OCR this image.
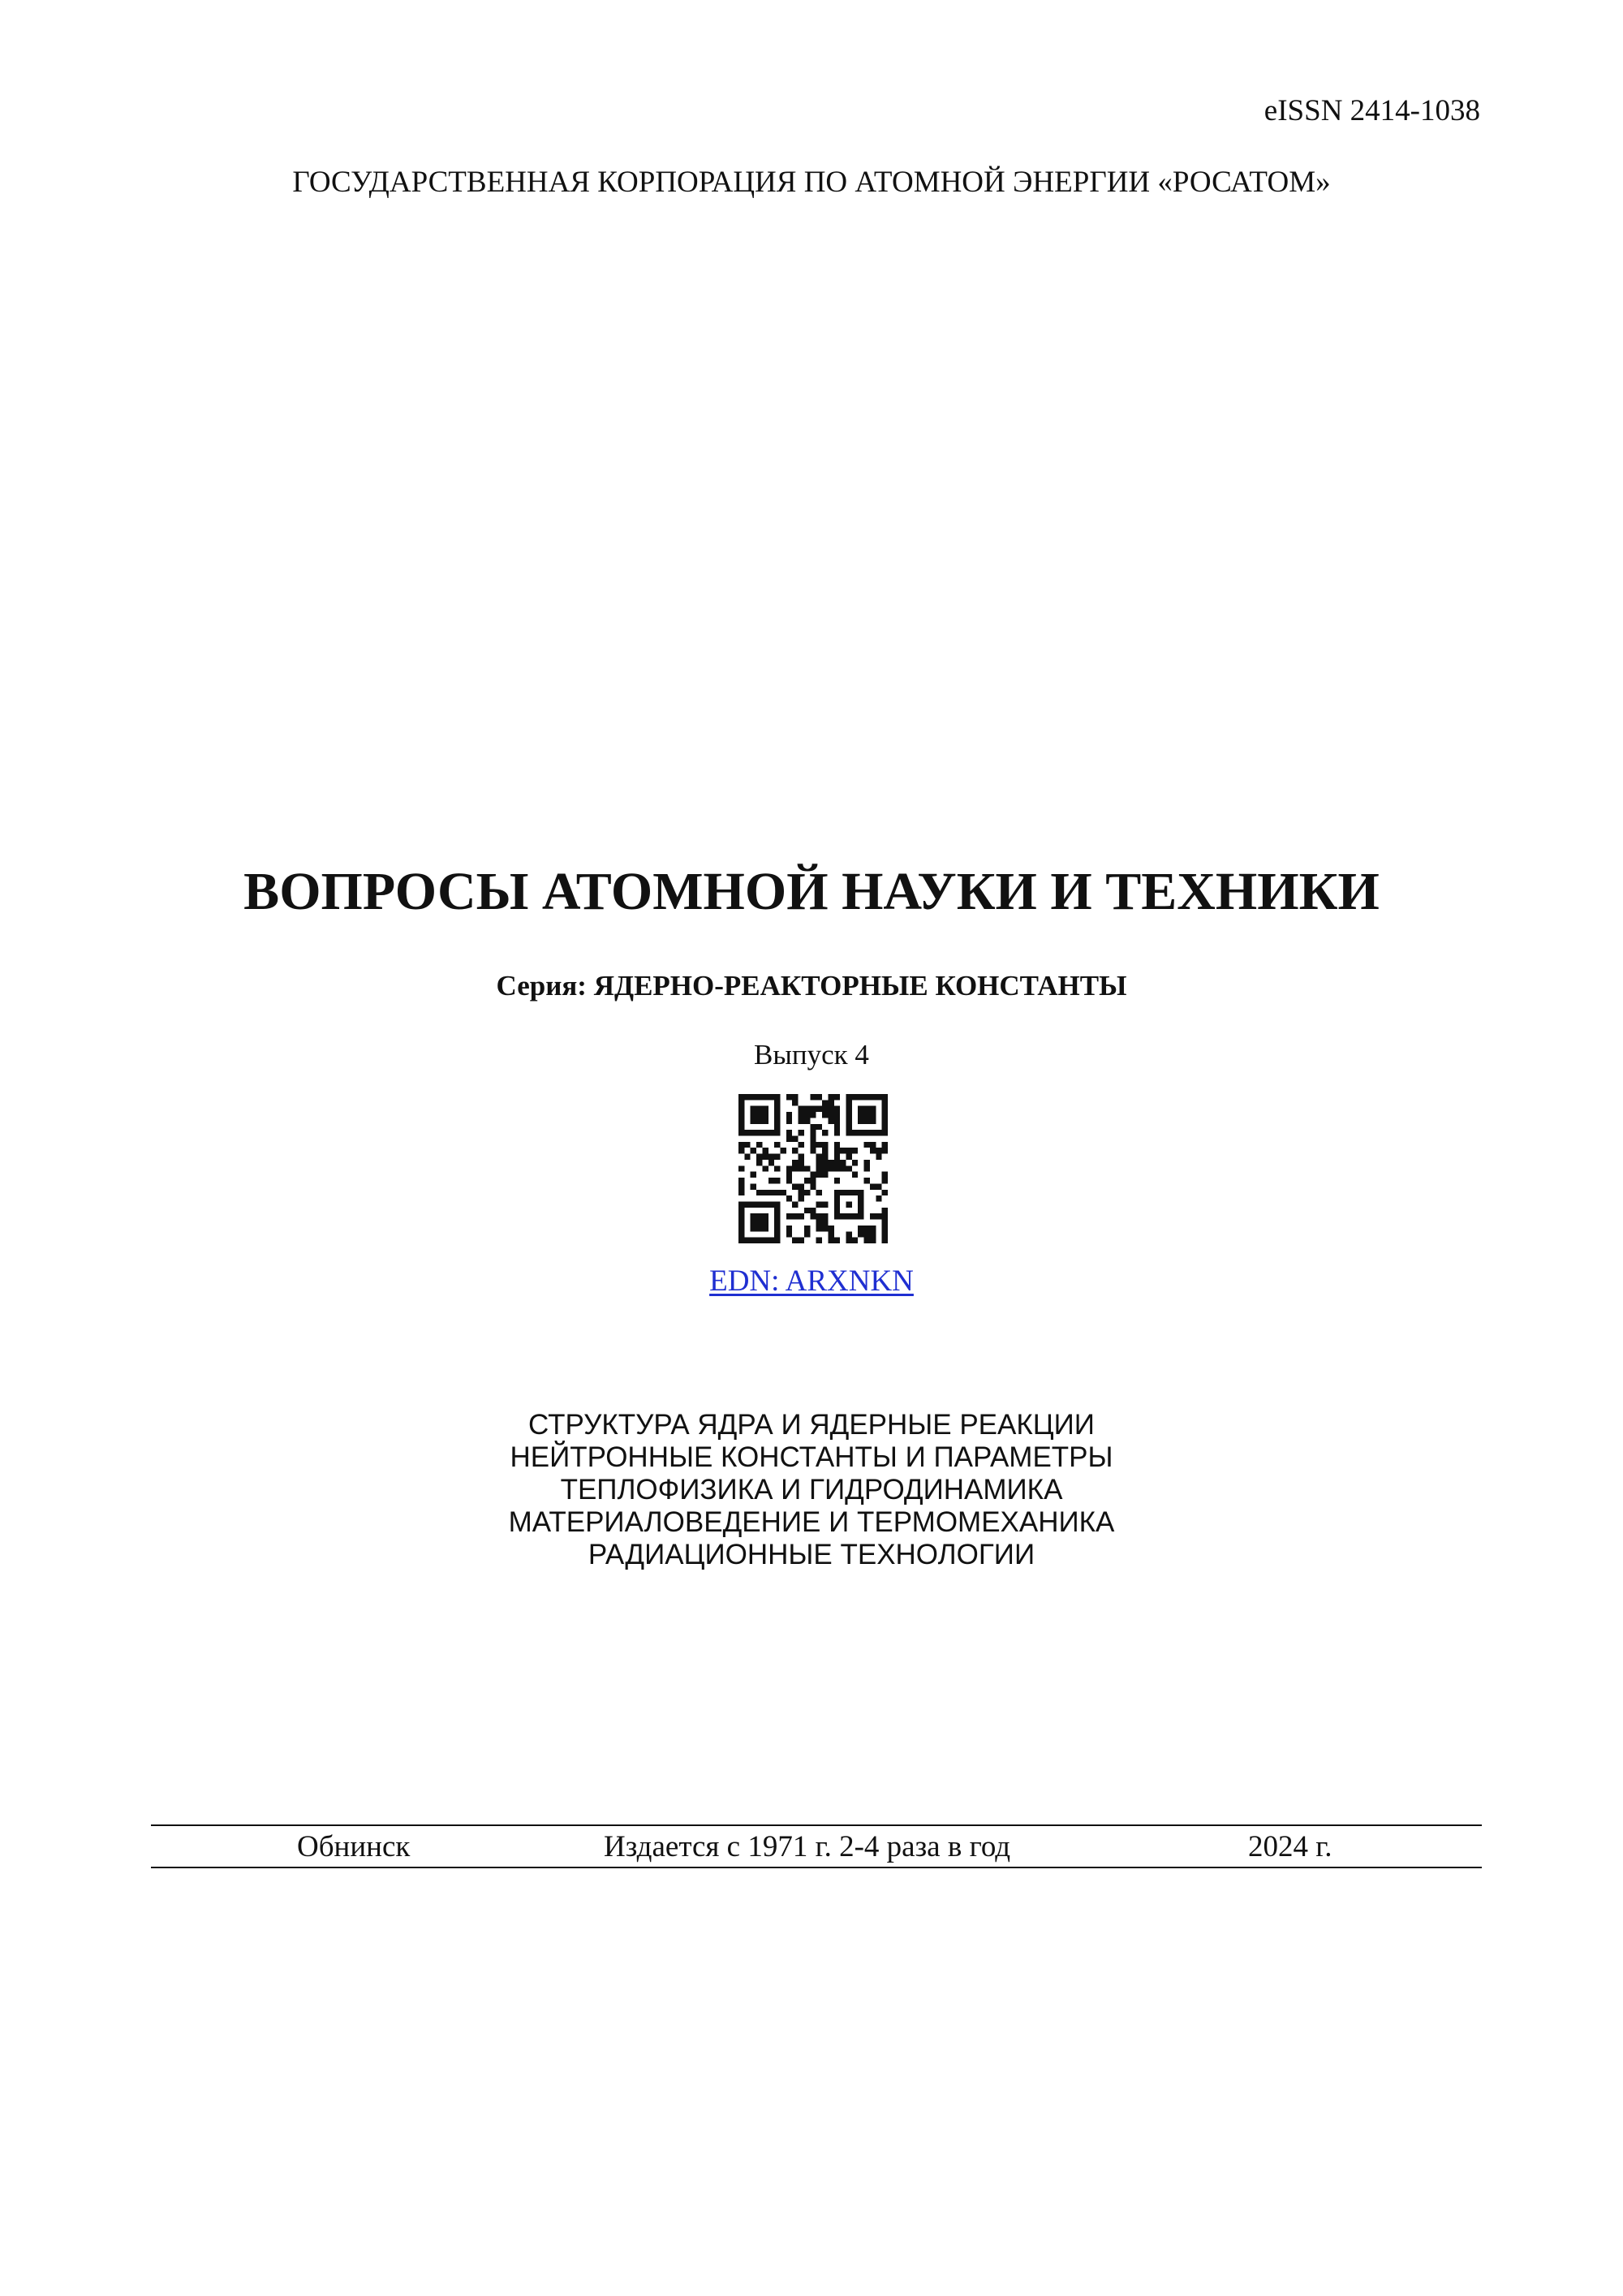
eISSN 2414-1038
ГОСУДАРСТВЕННАЯ КОРПОРАЦИЯ ПО АТОМНОЙ ЭНЕРГИИ «РОСАТОМ»
ВОПРОСЫ АТОМНОЙ НАУКИ И ТЕХНИКИ
Серия: ЯДЕРНО-РЕАКТОРНЫЕ КОНСТАНТЫ
Выпуск 4
EDN: ARXNKN
СТРУКТУРА ЯДРА И ЯДЕРНЫЕ РЕАКЦИИ
НЕЙТРОННЫЕ КОНСТАНТЫ И ПАРАМЕТРЫ
ТЕПЛОФИЗИКА И ГИДРОДИНАМИКА
МАТЕРИАЛОВЕДЕНИЕ И ТЕРМОМЕХАНИКА
РАДИАЦИОННЫЕ ТЕХНОЛОГИИ
Обнинск	Издается с 1971 г. 2-4 раза в год	2024 г.
